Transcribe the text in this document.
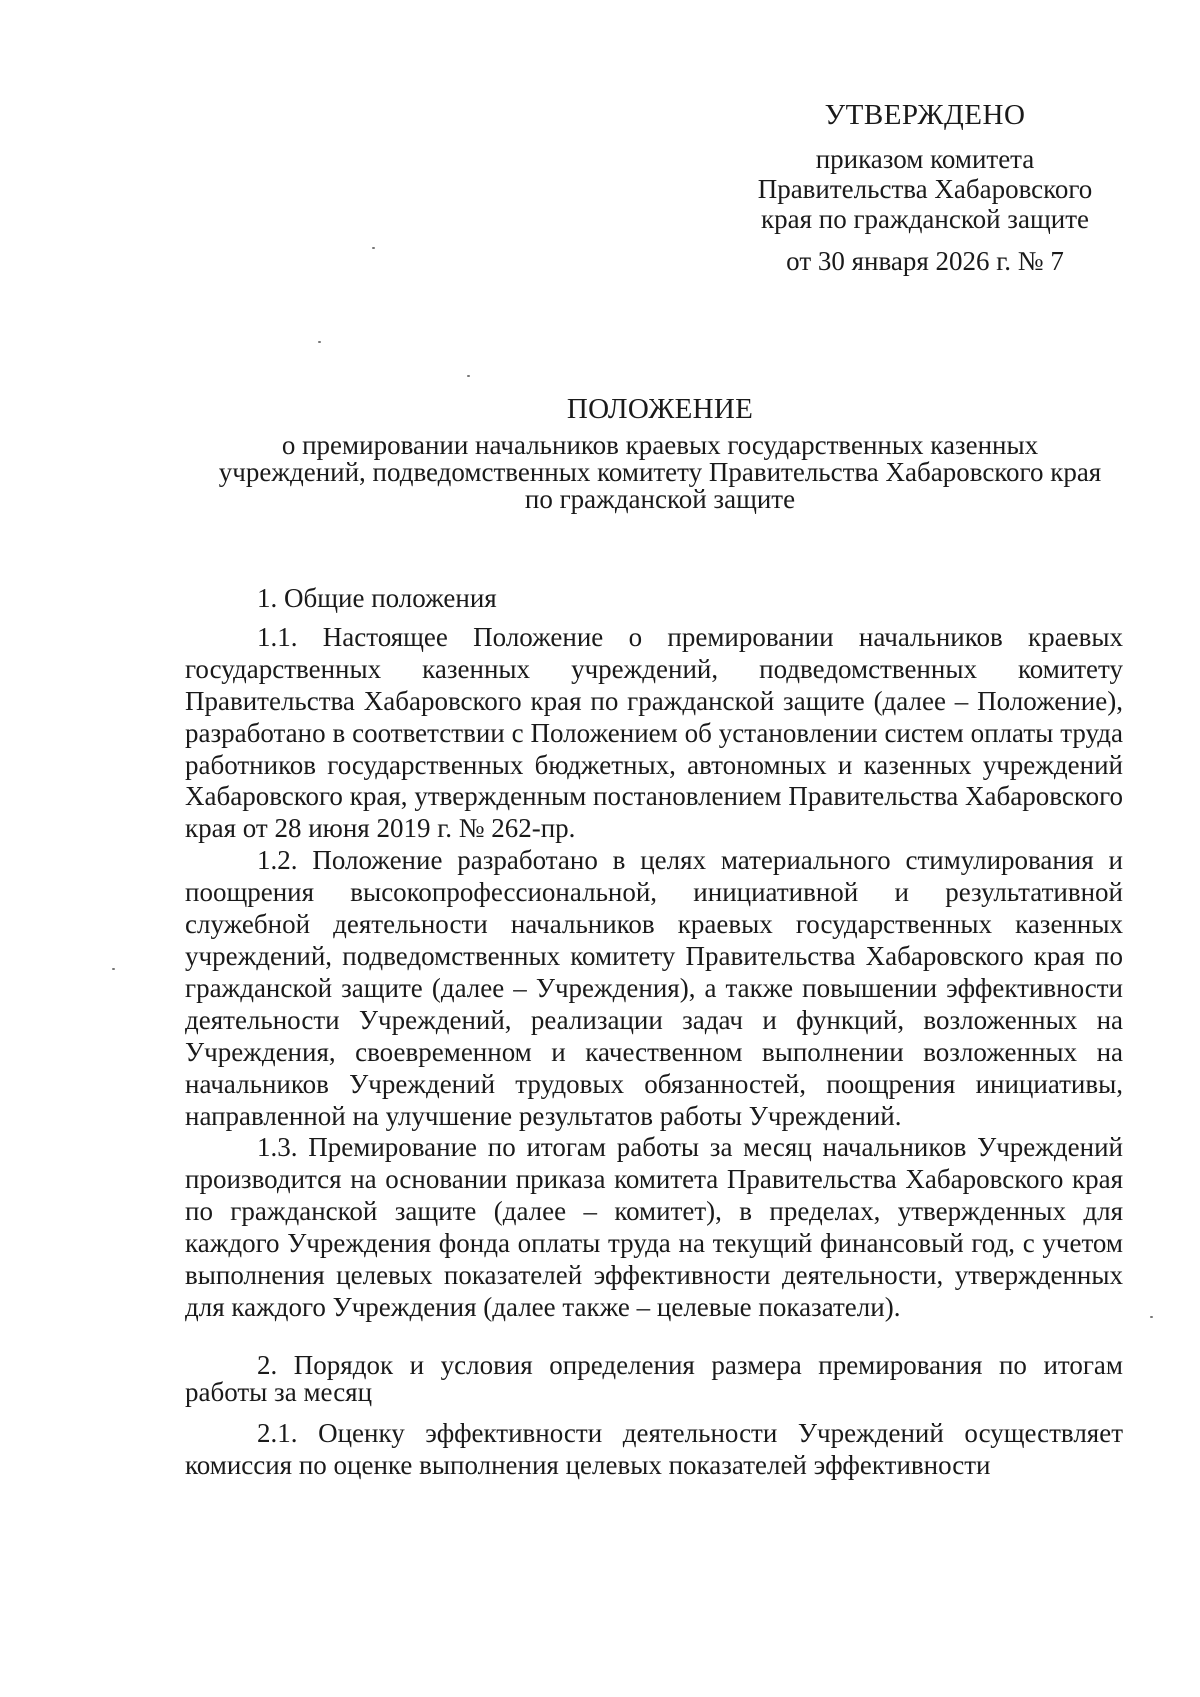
УТВЕРЖДЕНО
приказом комитета
Правительства Хабаровского
края по гражданской защите
от 30 января 2026 г. № 7
ПОЛОЖЕНИЕ
о премировании начальников краевых государственных казенных
учреждений, подведомственных комитету Правительства Хабаровского края
по гражданской защите

1. Общие положения

1.1. Настоящее Положение о премировании начальников краевых государственных казенных учреждений, подведомственных комитету Правительства Хабаровского края по гражданской защите (далее – Положение), разработано в соответствии с Положением об установлении систем оплаты труда работников государственных бюджетных, автономных и казенных учреждений Хабаровского края, утвержденным постановлением Правительства Хабаровского края от 28 июня 2019 г. № 262-пр.

1.2. Положение разработано в целях материального стимулирования и поощрения высокопрофессиональной, инициативной и результативной служебной деятельности начальников краевых государственных казенных учреждений, подведомственных комитету Правительства Хабаровского края по гражданской защите (далее – Учреждения), а также повышении эффективности деятельности Учреждений, реализации задач и функций, возложенных на Учреждения, своевременном и качественном выполнении возложенных на начальников Учреждений трудовых обязанностей, поощрения инициативы, направленной на улучшение результатов работы Учреждений.

1.3. Премирование по итогам работы за месяц начальников Учреждений производится на основании приказа комитета Правительства Хабаровского края по гражданской защите (далее – комитет), в пределах, утвержденных для каждого Учреждения фонда оплаты труда на текущий финансовый год, с учетом выполнения целевых показателей эффективности деятельности, утвержденных для каждого Учреждения (далее также – целевые показатели).

2. Порядок и условия определения размера премирования по итогам работы за месяц

2.1. Оценку эффективности деятельности Учреждений осуществляет комиссия по оценке выполнения целевых показателей эффективности
